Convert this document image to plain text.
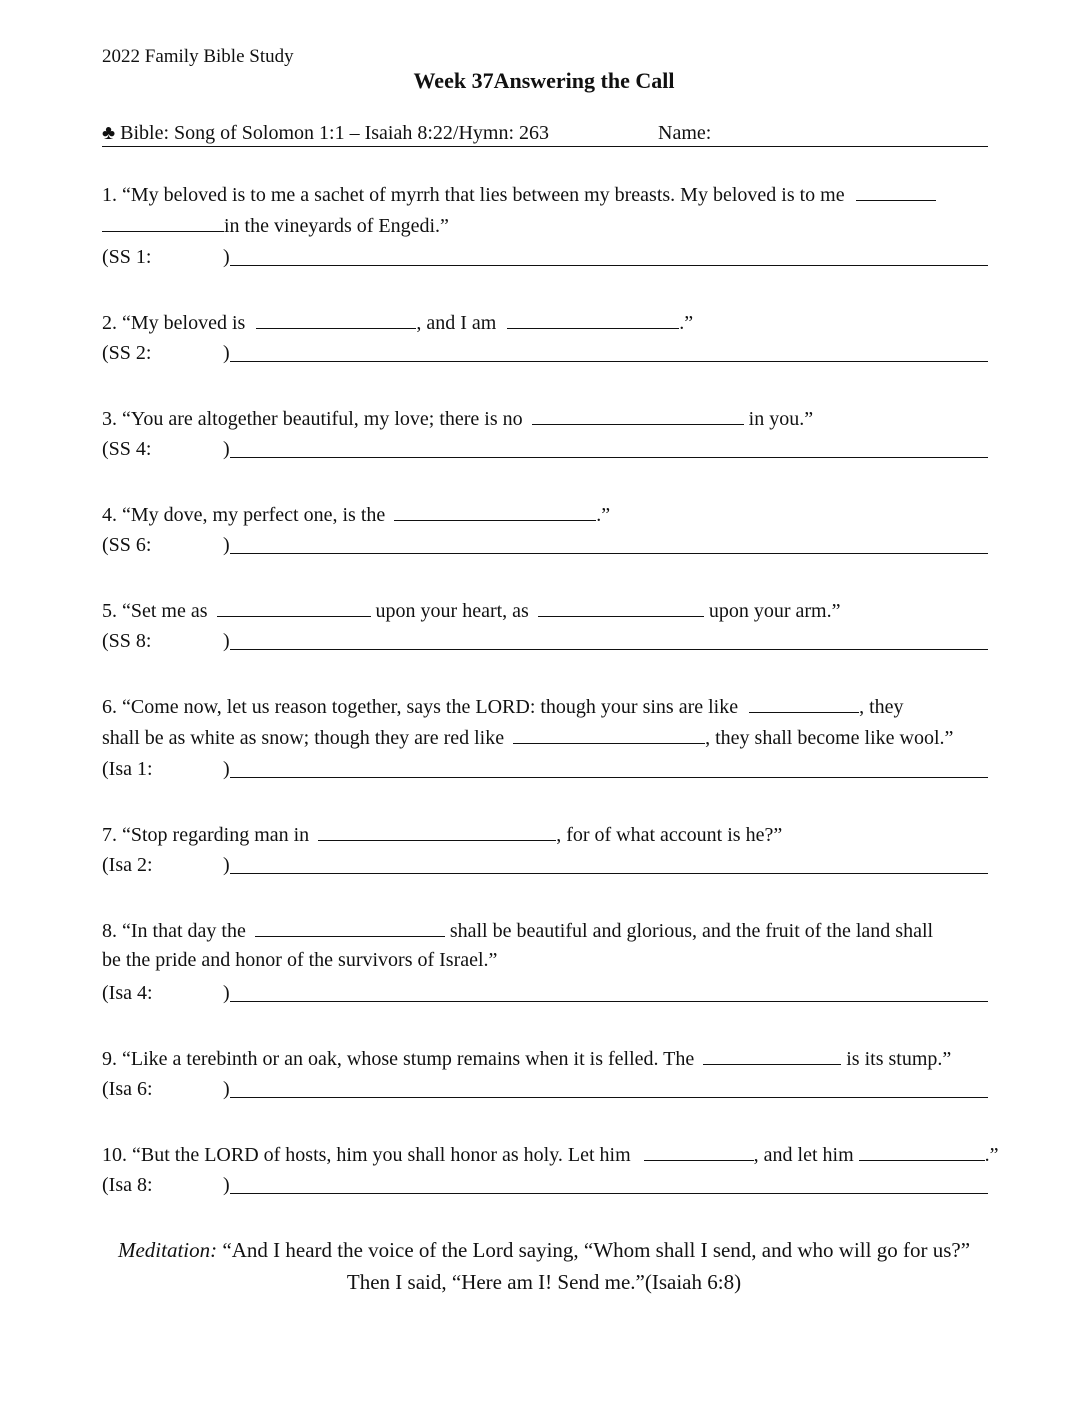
2022 Family Bible Study
Week 37Answering the Call
♣ Bible: Song of Solomon 1:1 – Isaiah 8:22/Hymn: 263	Name:
1. “My beloved is to me a sachet of myrrh that lies between my breasts. My beloved is to me
in the vineyards of Engedi.”
(SS 1:	)
2. “My beloved is	, and I am	.”
(SS 2:	)
3. “You are altogether beautiful, my love; there is no	in you.”
(SS 4:	)
4. “My dove, my perfect one, is the	.”
(SS 6:	)
5. “Set me as	upon your heart, as	upon your arm.”
(SS 8:	)
6. “Come now, let us reason together, says the LORD: though your sins are like	, they
shall be as white as snow; though they are red like	, they shall become like wool.”
(Isa 1:	)
7. “Stop regarding man in	, for of what account is he?”
(Isa 2:	)
8. “In that day the	shall be beautiful and glorious, and the fruit of the land shall
be the pride and honor of the survivors of Israel.”
(Isa 4:	)
9. “Like a terebinth or an oak, whose stump remains when it is felled. The	is its stump.”
(Isa 6:	)
10. “But the LORD of hosts, him you shall honor as holy. Let him	, and let him	.”
(Isa 8:	)
Meditation: “And I heard the voice of the Lord saying, “Whom shall I send, and who will go for us?” Then I said, “Here am I! Send me.”(Isaiah 6:8)
